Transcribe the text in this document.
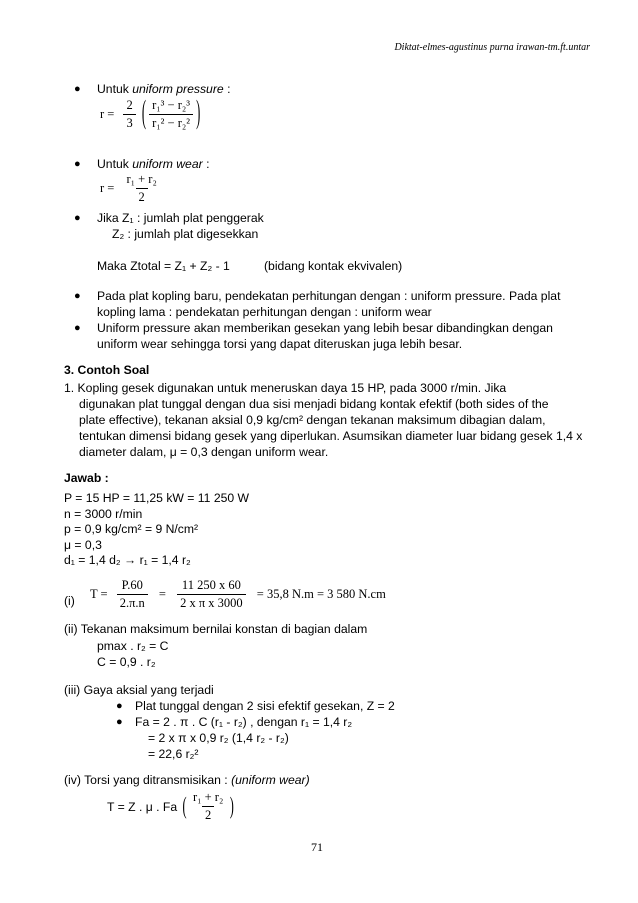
Diktat-elmes-agustinus purna irawan-tm.ft.untar
● Untuk uniform pressure :
$r = \frac{2}{3}$ ( $\frac{\text{r₁³ − r₂³}}{\text{r₁² − r₂²}}$ )
● Untuk uniform wear :
$r = \frac{\text{r₁ + r₂}}{2}$
● Jika Z₁ : jumlah plat penggerak
Z₂ : jumlah plat digesekkan
Maka Ztotal = Z₁ + Z₂ - 1	(bidang kontak ekvivalen)
● Pada plat kopling baru, pendekatan perhitungan dengan : uniform pressure. Pada plat
kopling lama : pendekatan perhitungan dengan : uniform wear
● Uniform pressure akan memberikan gesekan yang lebih besar dibandingkan dengan
uniform wear sehingga torsi yang dapat diteruskan juga lebih besar.
3. Contoh Soal
1. Kopling gesek digunakan untuk meneruskan daya 15 HP, pada 3000 r/min. Jika
digunakan plat tunggal dengan dua sisi menjadi bidang kontak efektif (both sides of the
plate effective), tekanan aksial 0,9 kg/cm² dengan tekanan maksimum dibagian dalam,
tentukan dimensi bidang gesek yang diperlukan. Asumsikan diameter luar bidang gesek 1,4 x
diameter dalam, μ = 0,3 dengan uniform wear.
Jawab :
P = 15 HP = 11,25 kW = 11 250 W
n = 3000 r/min
p = 0,9 kg/cm² = 9 N/cm²
μ = 0,3
d₁ = 1,4 d₂ → r₁ = 1,4 r₂
(i) $T = \frac{P.60}{2.\pi.n} = \frac{11 250 x 60}{\text{2 x π x 3000}} = 35,8$ N.m = 3 580 N.cm
(ii) Tekanan maksimum bernilai konstan di bagian dalam
pmax . r₂ = C
C = 0,9 . r₂
(iii) Gaya aksial yang terjadi
● Plat tunggal dengan 2 sisi efektif gesekan, Z = 2
● Fa = 2 . π . C (r₁ - r₂) , dengan r₁ = 1,4 r₂
= 2 x π x 0,9 r₂ (1,4 r₂ - r₂)
= 22,6 r₂²
(iv) Torsi yang ditransmisikan : (uniform wear)
T = Z . μ . Fa ( $\frac{\text{r₁ + r₂}}{2}$ )
71
